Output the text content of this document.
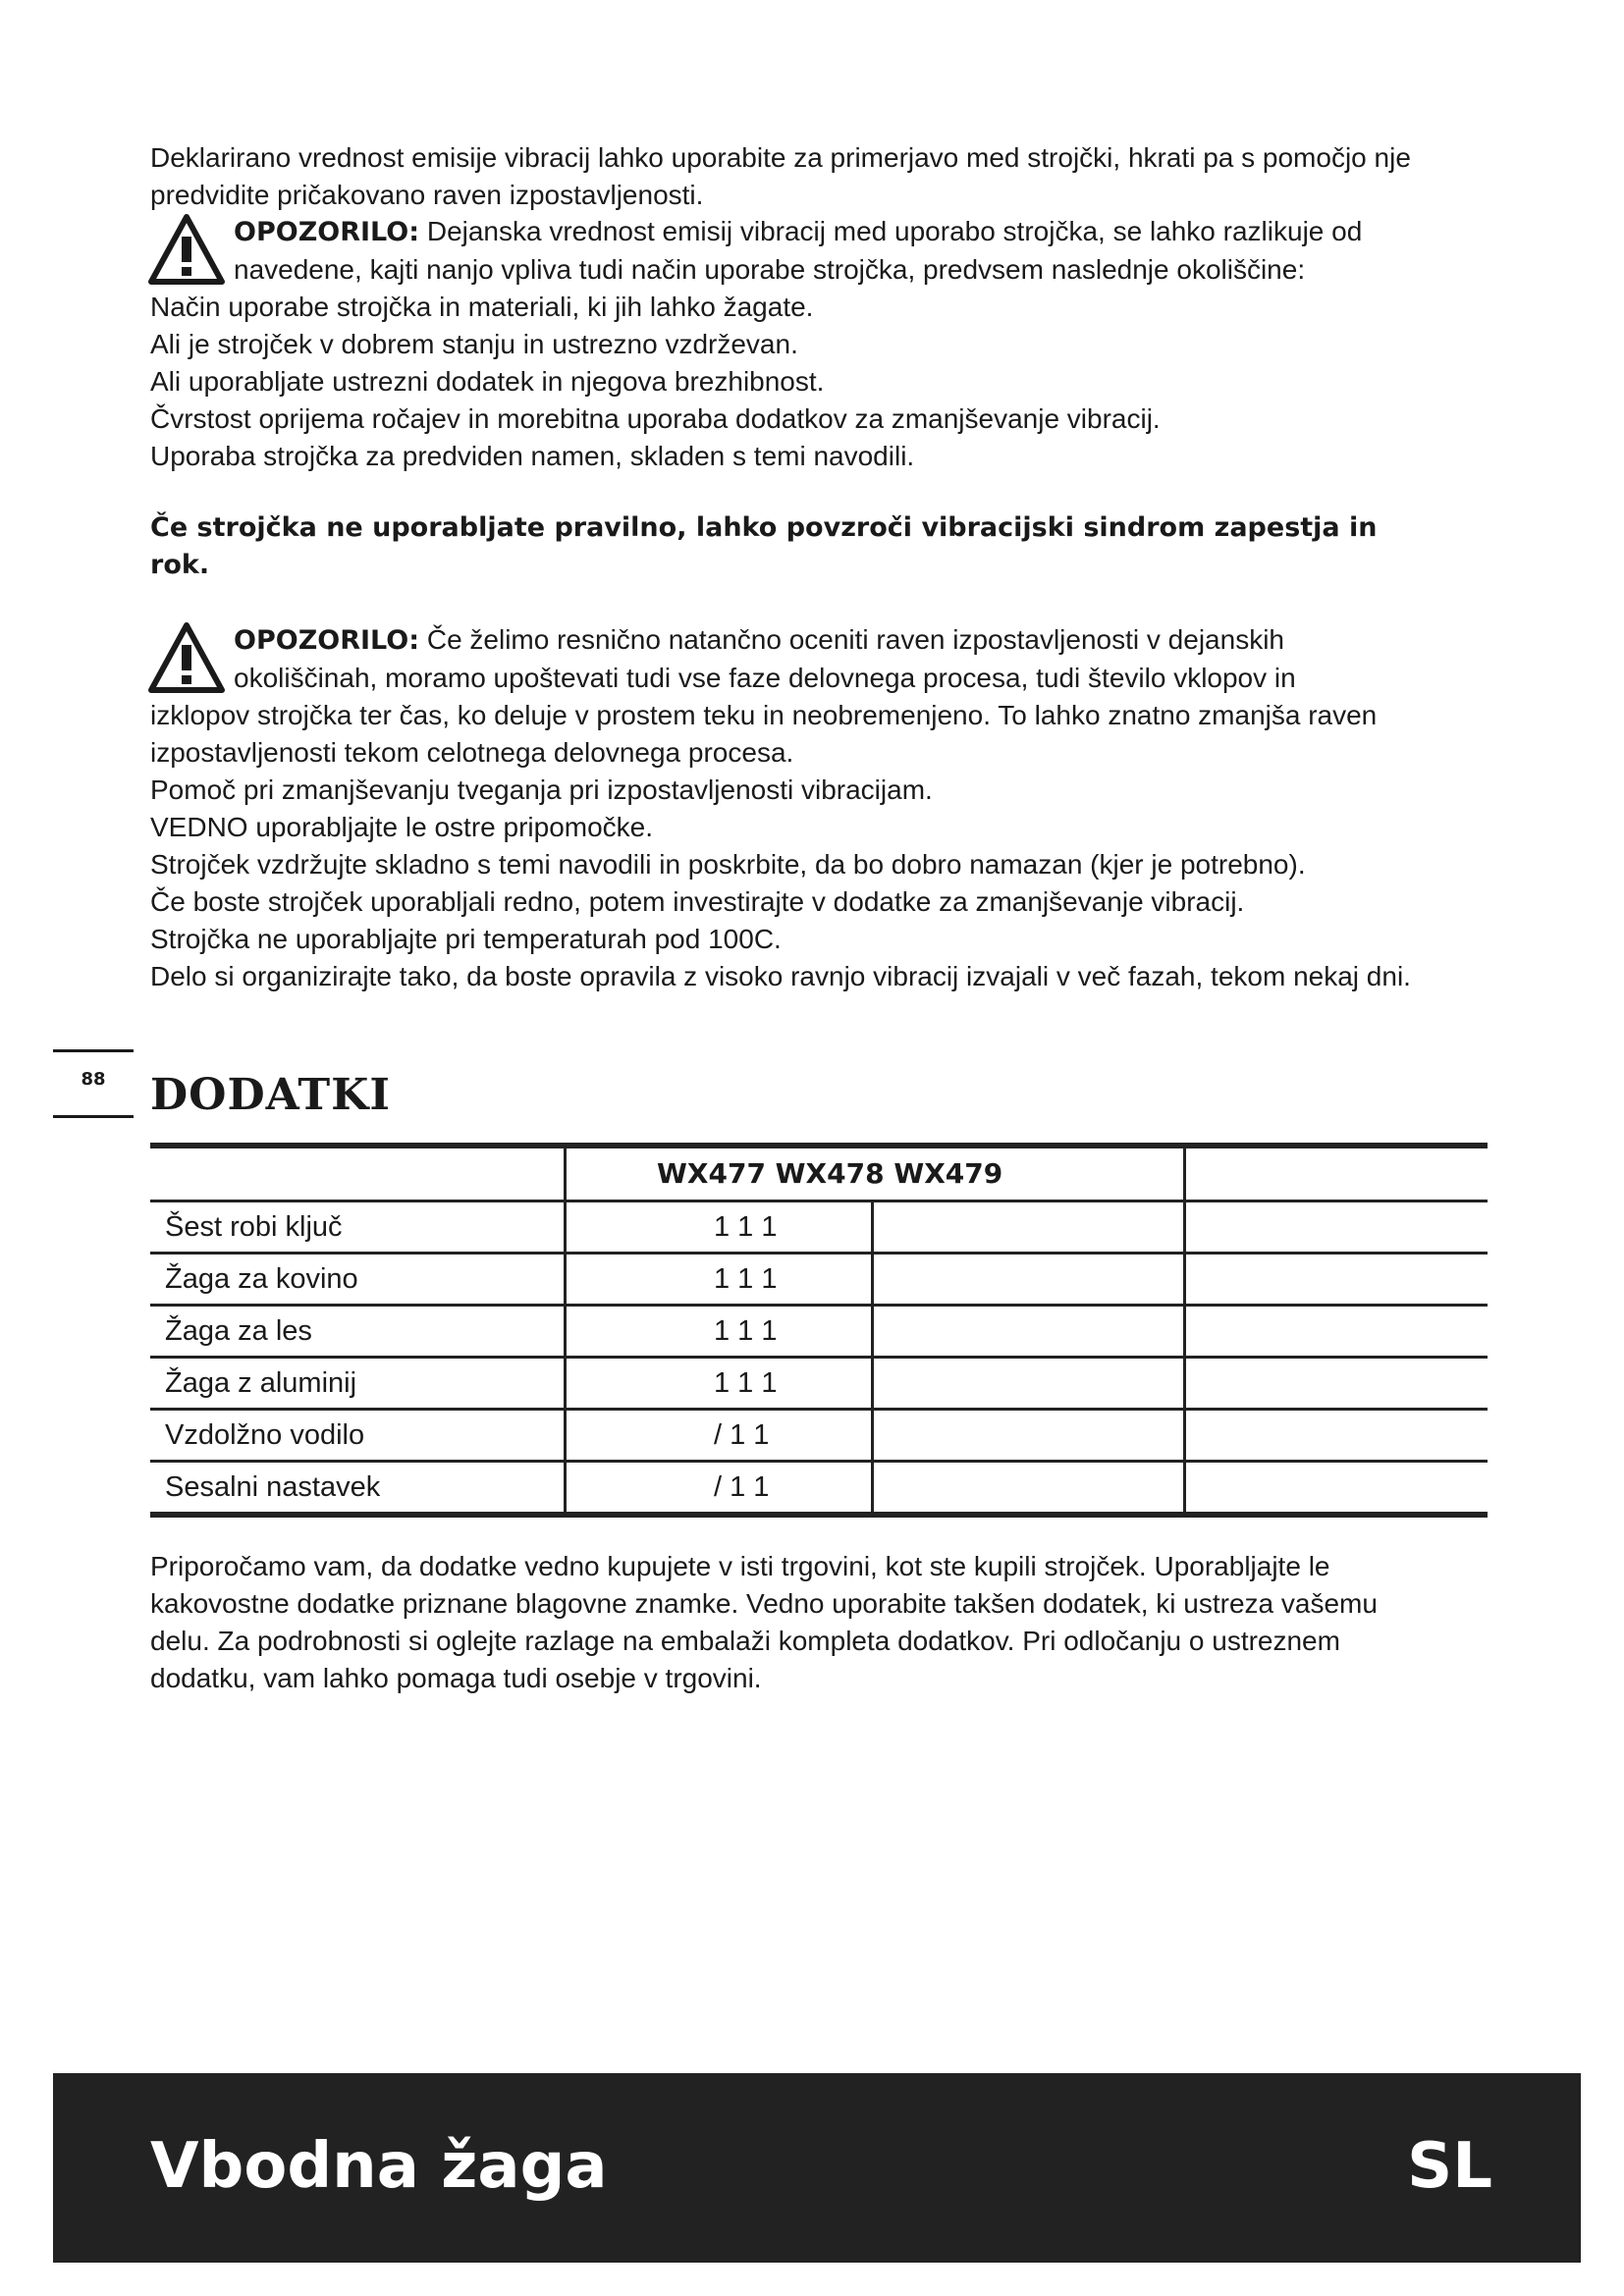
Deklarirano vrednost emisije vibracij lahko uporabite za primerjavo med strojčki, hkrati pa s pomočjo nje
predvidite pričakovano raven izpostavljenosti.
OPOZORILO: Dejanska vrednost emisij vibracij med uporabo strojčka, se lahko razlikuje od
navedene, kajti nanjo vpliva tudi način uporabe strojčka, predvsem naslednje okoliščine:
Način uporabe strojčka in materiali, ki jih lahko žagate.
Ali je strojček v dobrem stanju in ustrezno vzdrževan.
Ali uporabljate ustrezni dodatek in njegova brezhibnost.
Čvrstost oprijema ročajev in morebitna uporaba dodatkov za zmanjševanje vibracij.
Uporaba strojčka za predviden namen, skladen s temi navodili.
Če strojčka ne uporabljate pravilno, lahko povzroči vibracijski sindrom zapestja in
rok.
OPOZORILO: Če želimo resnično natančno oceniti raven izpostavljenosti v dejanskih
okoliščinah, moramo upoštevati tudi vse faze delovnega procesa, tudi število vklopov in
izklopov strojčka ter čas, ko deluje v prostem teku in neobremenjeno. To lahko znatno zmanjša raven
izpostavljenosti tekom celotnega delovnega procesa.
Pomoč pri zmanjševanju tveganja pri izpostavljenosti vibracijam.
VEDNO uporabljajte le ostre pripomočke.
Strojček vzdržujte skladno s temi navodili in poskrbite, da bo dobro namazan (kjer je potrebno).
Če boste strojček uporabljali redno, potem investirajte v dodatke za zmanjševanje vibracij.
Strojčka ne uporabljajte pri temperaturah pod 100C.
Delo si organizirajte tako, da boste opravila z visoko ravnjo vibracij izvajali v več fazah, tekom nekaj dni.
88	DODATKI
	WX477 WX478 WX479		
Šest robi ključ	1 1 1		
Žaga za kovino	1 1 1		
Žaga za les	1 1 1		
Žaga z aluminij	1 1 1		
Vzdolžno vodilo	/ 1 1		
Sesalni nastavek	/ 1 1		
Priporočamo vam, da dodatke vedno kupujete v isti trgovini, kot ste kupili strojček. Uporabljajte le
kakovostne dodatke priznane blagovne znamke. Vedno uporabite takšen dodatek, ki ustreza vašemu
delu. Za podrobnosti si oglejte razlage na embalaži kompleta dodatkov. Pri odločanju o ustreznem
dodatku, vam lahko pomaga tudi osebje v trgovini.
Vbodna žaga	SL
